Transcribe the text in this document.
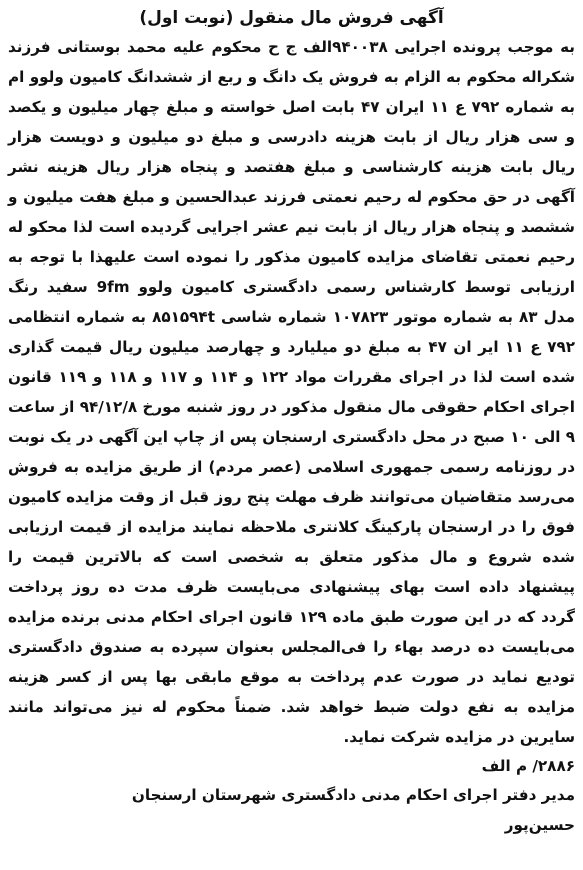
آگهی فروش مال منقول (نوبت اول)

به موجب پرونده اجرایی ۹۴۰۰۳۸الف ج ح محکوم علیه محمد بوستانی فرزند شکراله محکوم به الزام به فروش یک دانگ و ربع از ششدانگ کامیون ولوو ام به شماره ۷۹۲ ع ۱۱ ایران ۴۷ بابت اصل خواسته و مبلغ چهار میلیون و یکصد و سی هزار ریال از بابت هزینه دادرسی و مبلغ دو میلیون و دویست هزار ریال بابت هزینه کارشناسی و مبلغ هفتصد و پنجاه هزار ریال هزینه نشر آگهی در حق محکوم له رحیم نعمتی فرزند عبدالحسین و مبلغ هفت میلیون و ششصد و پنجاه هزار ریال از بابت نیم عشر اجرایی گردیده است لذا محکو له رحیم نعمتی تقاضای مزایده کامیون مذکور را نموده است علیهذا با توجه به ارزیابی توسط کارشناس رسمی دادگستری کامیون ولوو 9fm سفید رنگ مدل ۸۳ به شماره موتور ۱۰۷۸۲۳ شماره شاسی ۸۵۱۵۹۴t به شماره انتظامی ۷۹۲ ع ۱۱ ایر ان ۴۷ به مبلغ دو میلیارد و چهارصد میلیون ریال قیمت گذاری شده است لذا در اجرای مقررات مواد ۱۲۲ و ۱۱۴ و ۱۱۷ و ۱۱۸ و ۱۱۹ قانون اجرای احکام حقوقی مال منقول مذکور در روز شنبه مورخ ۹۴/۱۲/۸ از ساعت ۹ الی ۱۰ صبح در محل دادگستری ارسنجان پس از چاپ این آگهی در یک نوبت در روزنامه رسمی جمهوری اسلامی (عصر مردم) از طریق مزایده به فروش می‌رسد متقاضیان می‌توانند ظرف مهلت پنج روز قبل از وقت مزایده کامیون فوق را در ارسنجان پارکینگ کلانتری ملاحظه نمایند مزایده از قیمت ارزیابی شده شروع و مال مذکور متعلق به شخصی است که بالاترین قیمت را پیشنهاد داده است بهای پیشنهادی می‌بایست ظرف مدت ده روز پرداخت گردد که در این صورت طبق ماده ۱۲۹ قانون اجرای احکام مدنی برنده مزایده می‌بایست ده درصد بهاء را فی‌المجلس بعنوان سپرده به صندوق دادگستری تودیع نماید در صورت عدم پرداخت به موقع مابقی بها پس از کسر هزینه مزایده به نفع دولت ضبط خواهد شد. ضمناً محکوم له نیز می‌تواند مانند سایرین در مزایده شرکت نماید.

۲۸۸۶/ م الف

مدیر دفتر اجرای احکام مدنی دادگستری شهرستان ارسنجان

حسین‌پور
